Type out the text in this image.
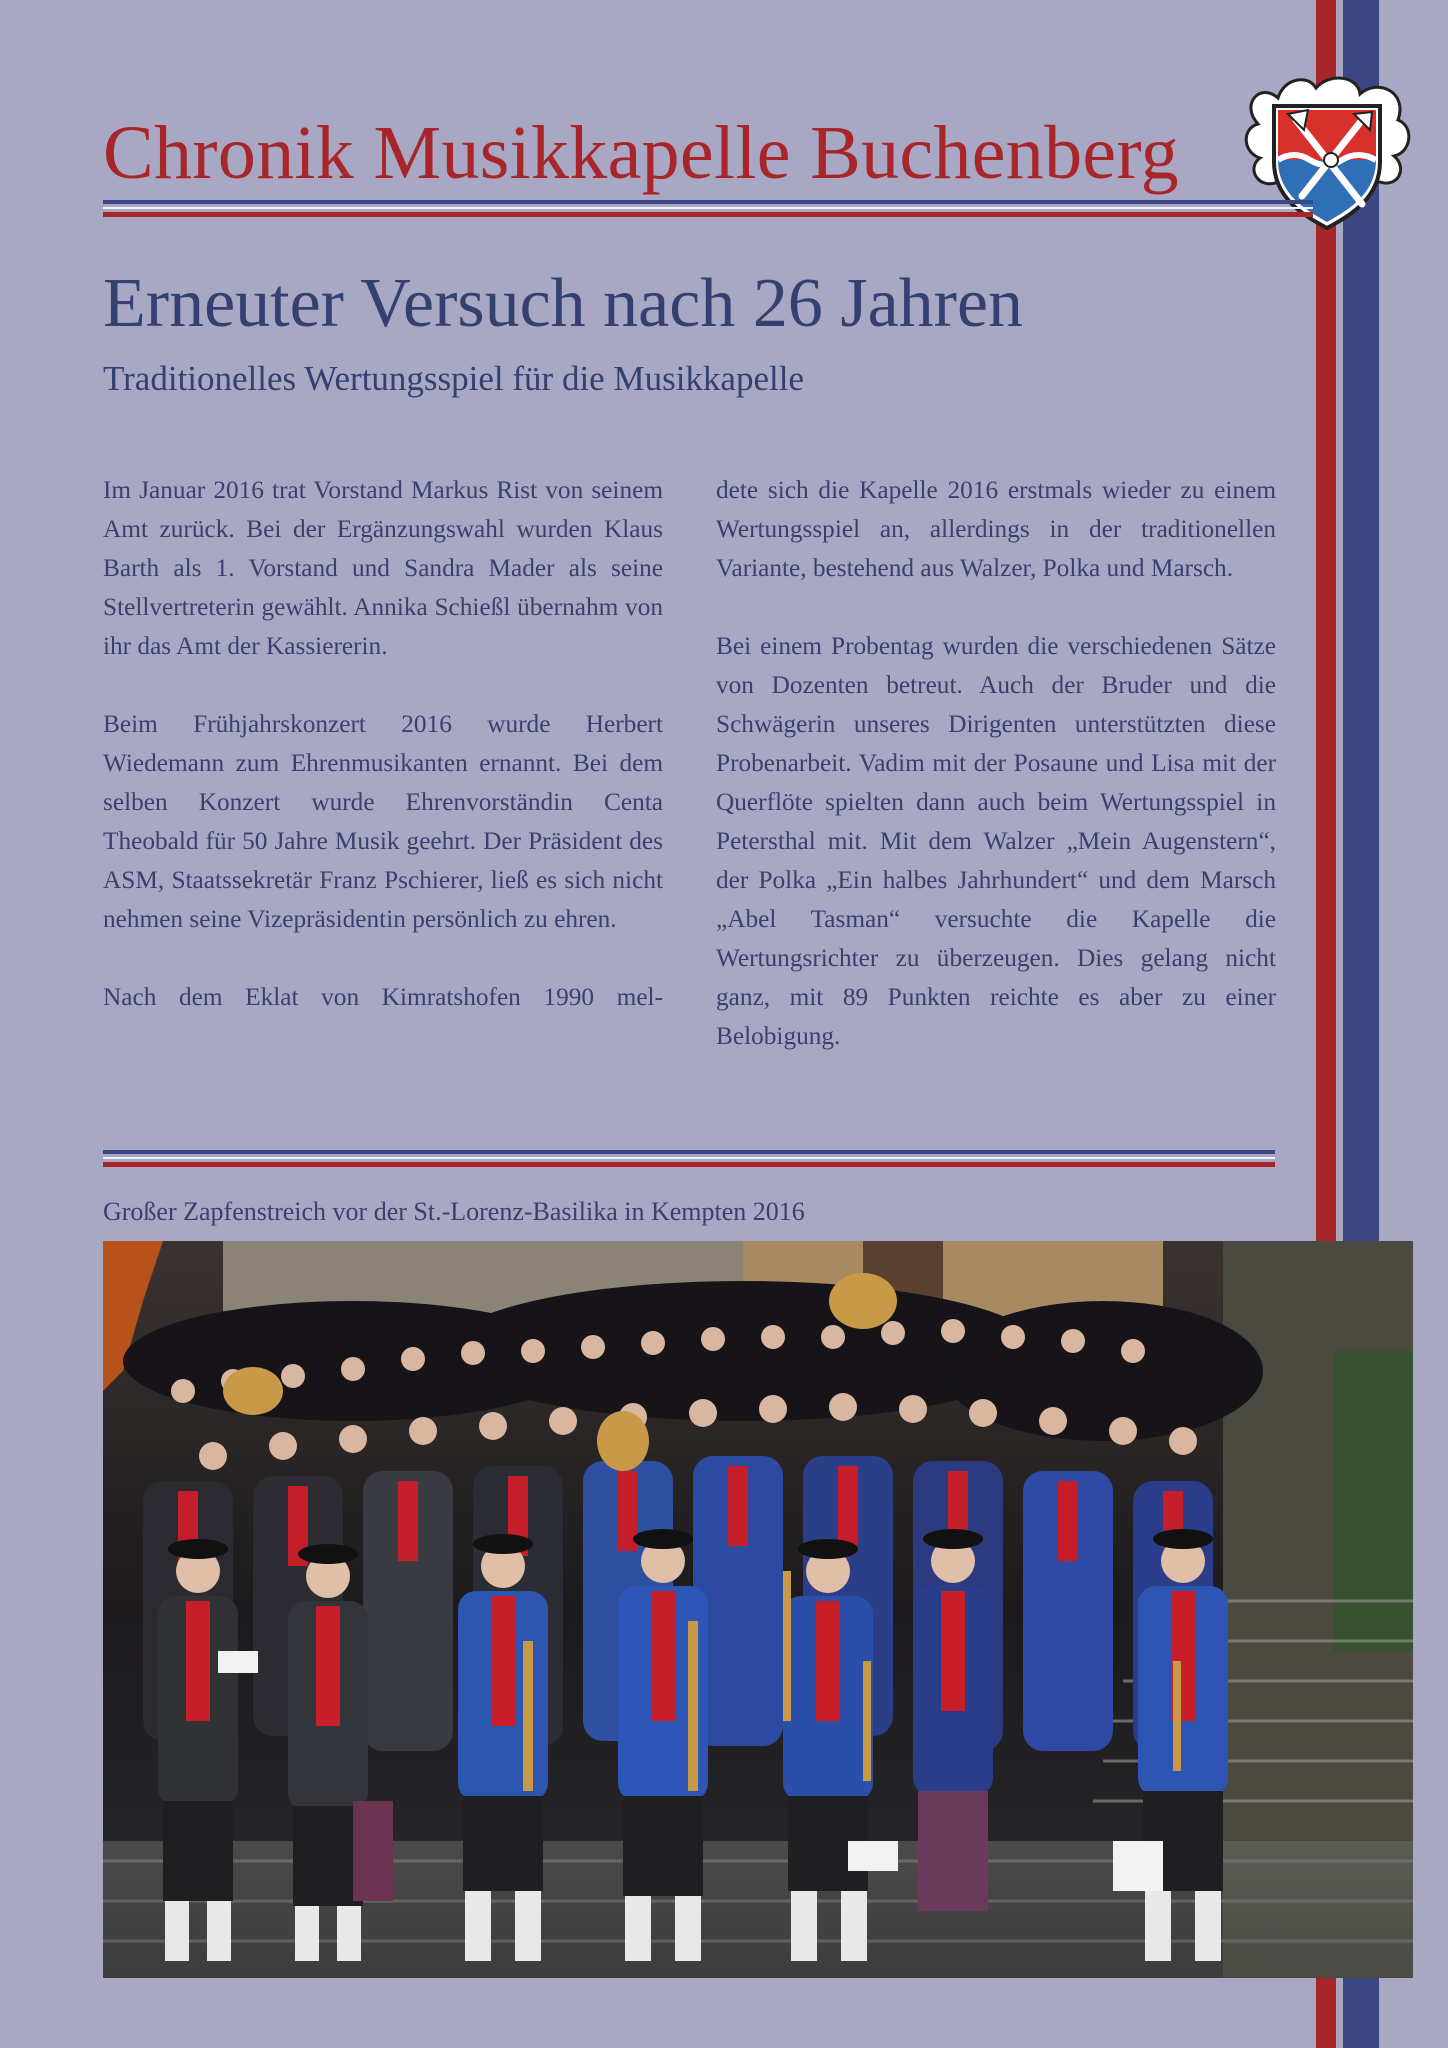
Chronik Musikkapelle Buchenberg
Erneuter Versuch nach 26 Jahren
Traditionelles Wertungsspiel für die Musikkapelle

Im Januar 2016 trat Vorstand Markus Rist von seinem Amt zurück. Bei der Ergänzungswahl wurden Klaus Barth als 1. Vorstand und Sandra Mader als seine Stellvertreterin gewählt. Annika Schießl übernahm von ihr das Amt der Kassiererin.

Beim Frühjahrskonzert 2016 wurde Herbert Wiedemann zum Ehrenmusikanten ernannt. Bei dem selben Konzert wurde Ehrenvorständin Centa Theobald für 50 Jahre Musik geehrt. Der Präsident des ASM, Staatssekretär Franz Pschierer, ließ es sich nicht nehmen seine Vizepräsidentin persönlich zu ehren.

Nach dem Eklat von Kimratshofen 1990 mel-

dete sich die Kapelle 2016 erstmals wieder zu einem Wertungsspiel an, allerdings in der traditionellen Variante, bestehend aus Walzer, Polka und Marsch.

Bei einem Probentag wurden die verschiedenen Sätze von Dozenten betreut. Auch der Bruder und die Schwägerin unseres Dirigenten unterstützten diese Probenarbeit. Vadim mit der Posaune und Lisa mit der Querflöte spielten dann auch beim Wertungsspiel in Petersthal mit. Mit dem Walzer „Mein Augenstern“, der Polka „Ein halbes Jahrhundert“ und dem Marsch „Abel Tasman“ versuchte die Kapelle die Wertungsrichter zu überzeugen. Dies gelang nicht ganz, mit 89 Punkten reichte es aber zu einer Belobigung.

Großer Zapfenstreich vor der St.-Lorenz-Basilika in Kempten 2016
